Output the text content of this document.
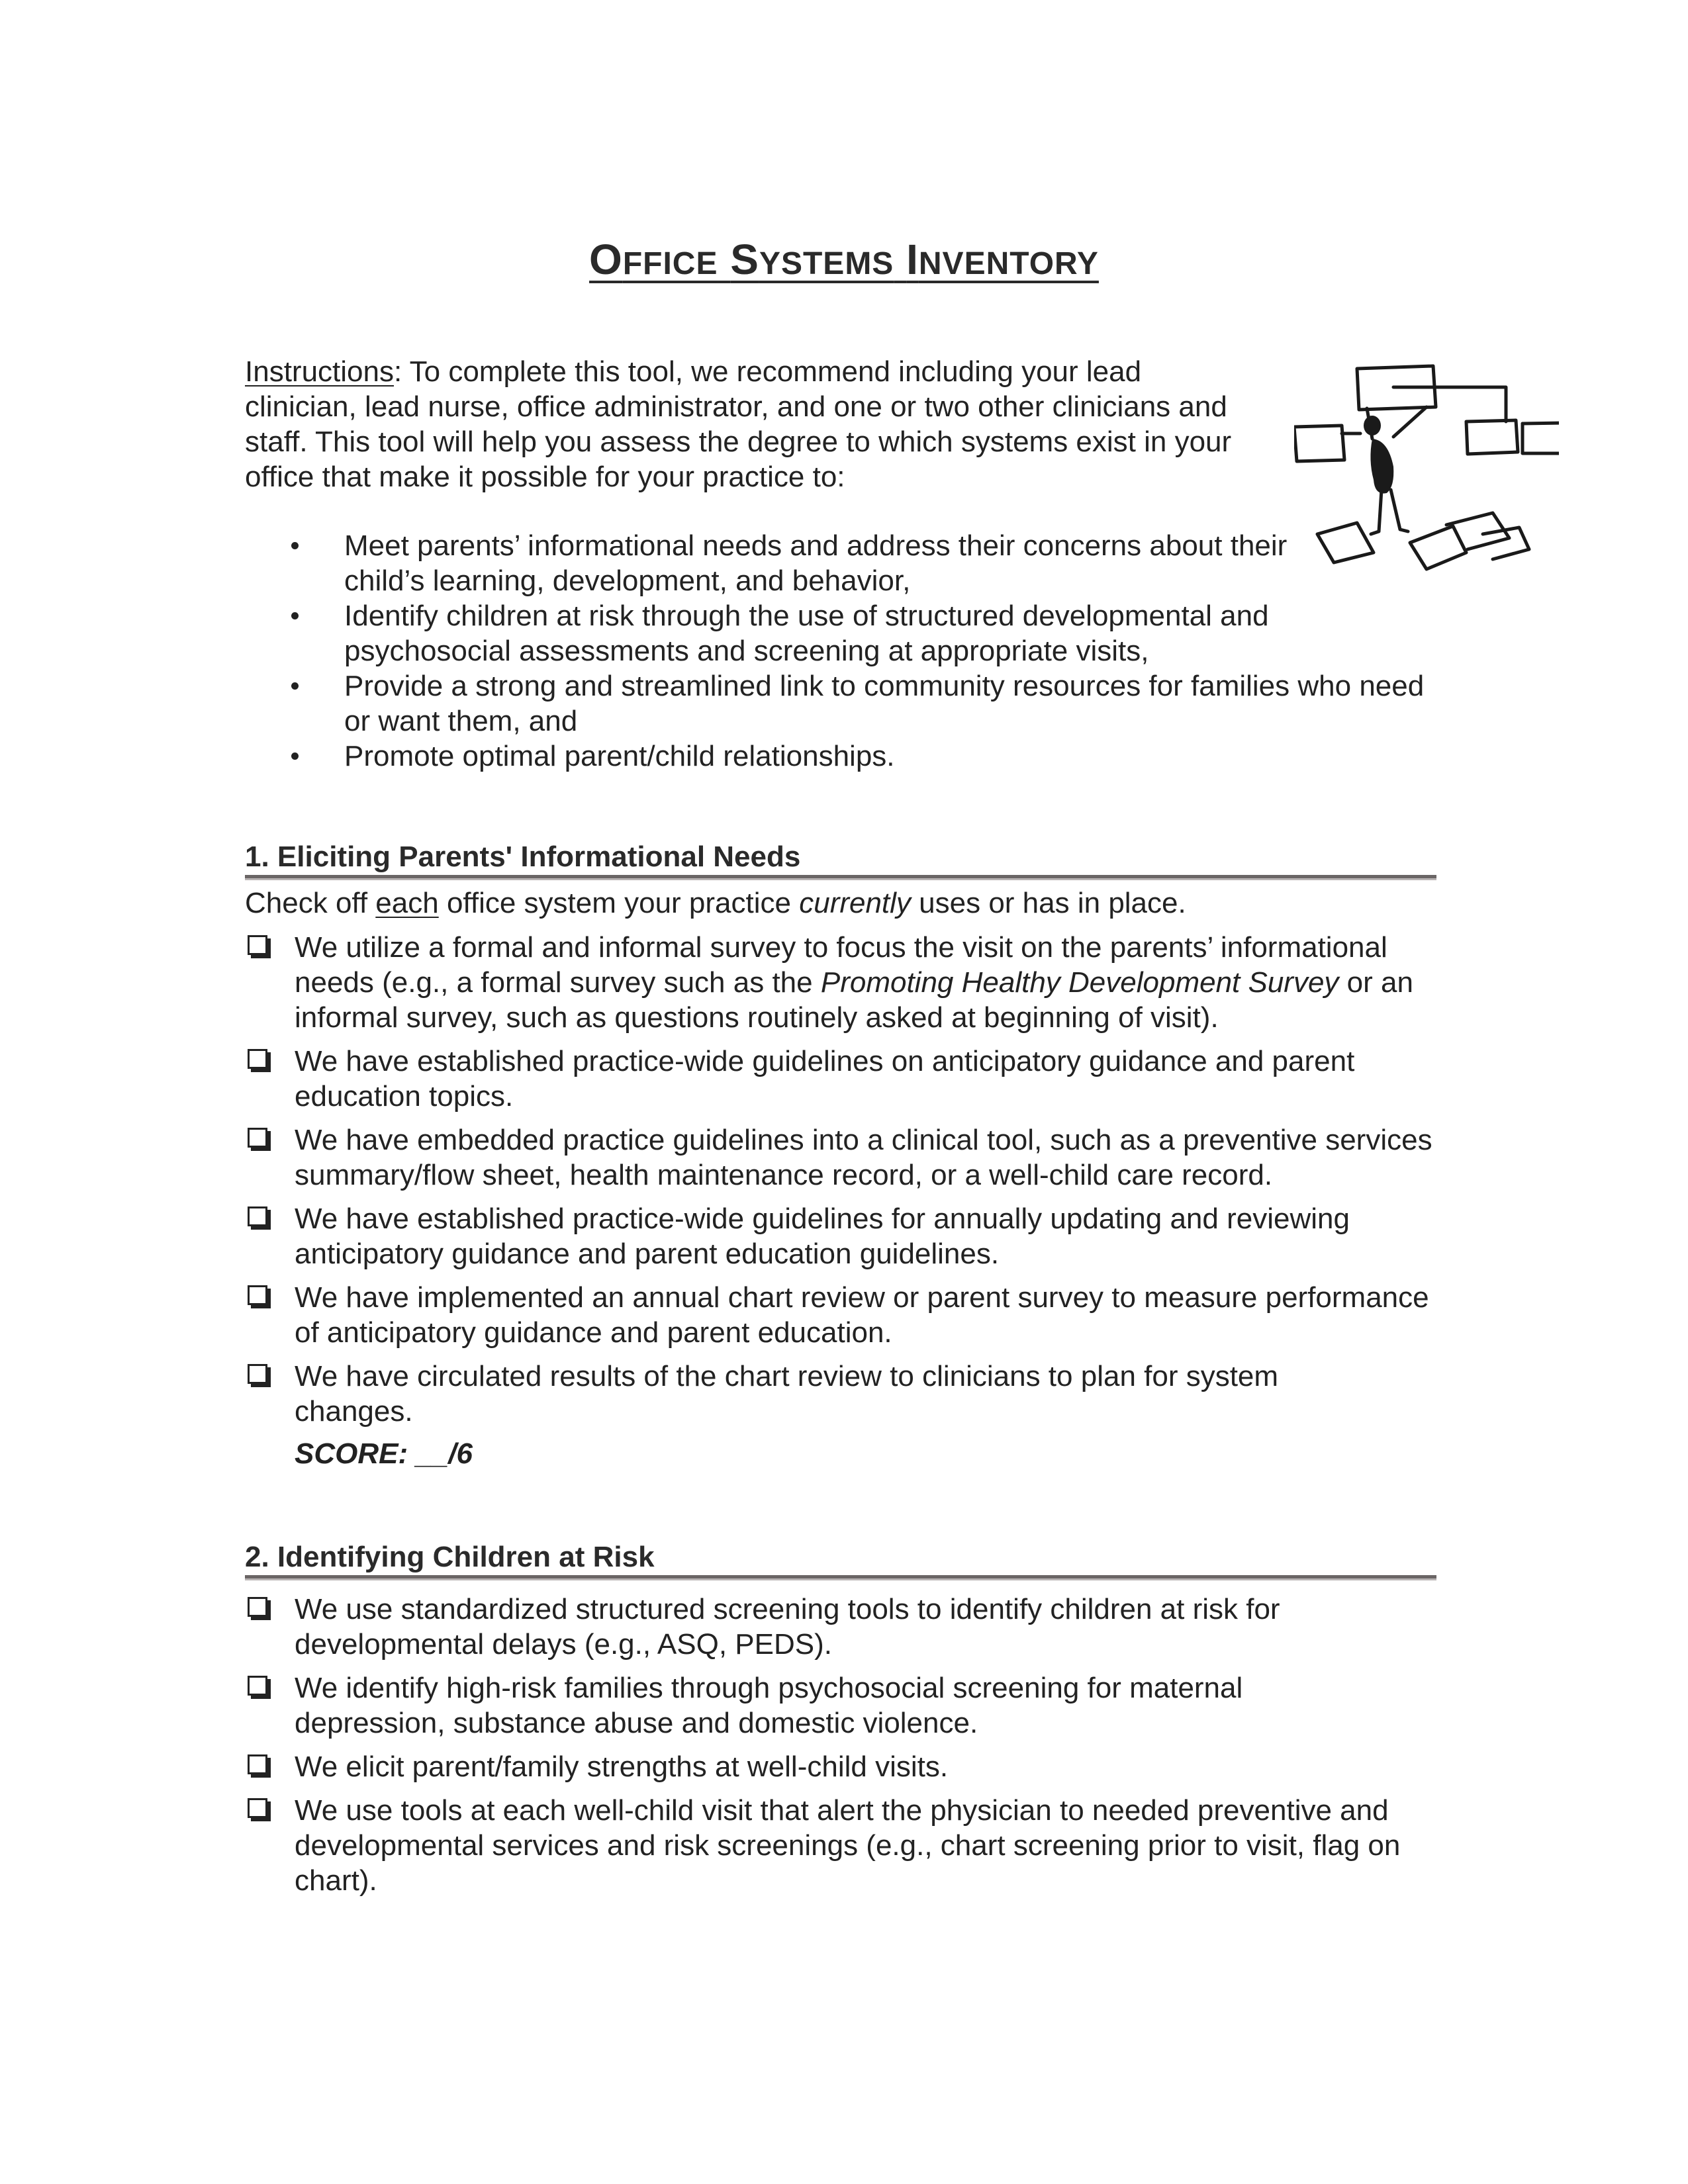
OFFICE SYSTEMS INVENTORY
Instructions: To complete this tool, we recommend including your lead clinician, lead nurse, office administrator, and one or two other clinicians and staff. This tool will help you assess the degree to which systems exist in your office that make it possible for your practice to:
Meet parents’ informational needs and address their concerns about their child’s learning, development, and behavior,
Identify children at risk through the use of structured developmental and psychosocial assessments and screening at appropriate visits,
Provide a strong and streamlined link to community resources for families who need or want them, and
Promote optimal parent/child relationships.
1. Eliciting Parents' Informational Needs
Check off each office system your practice currently uses or has in place.
We utilize a formal and informal survey to focus the visit on the parents’ informational needs (e.g., a formal survey such as the Promoting Healthy Development Survey or an informal survey, such as questions routinely asked at beginning of visit).
We have established practice-wide guidelines on anticipatory guidance and parent education topics.
We have embedded practice guidelines into a clinical tool, such as a preventive services summary/flow sheet, health maintenance record, or a well-child care record.
We have established practice-wide guidelines for annually updating and reviewing anticipatory guidance and parent education guidelines.
We have implemented an annual chart review or parent survey to measure performance of anticipatory guidance and parent education.
We have circulated results of the chart review to clinicians to plan for system changes.
SCORE: __/6
2. Identifying Children at Risk
We use standardized structured screening tools to identify children at risk for developmental delays (e.g., ASQ, PEDS).
We identify high-risk families through psychosocial screening for maternal depression, substance abuse and domestic violence.
We elicit parent/family strengths at well-child visits.
We use tools at each well-child visit that alert the physician to needed preventive and developmental services and risk screenings (e.g., chart screening prior to visit, flag on chart).
